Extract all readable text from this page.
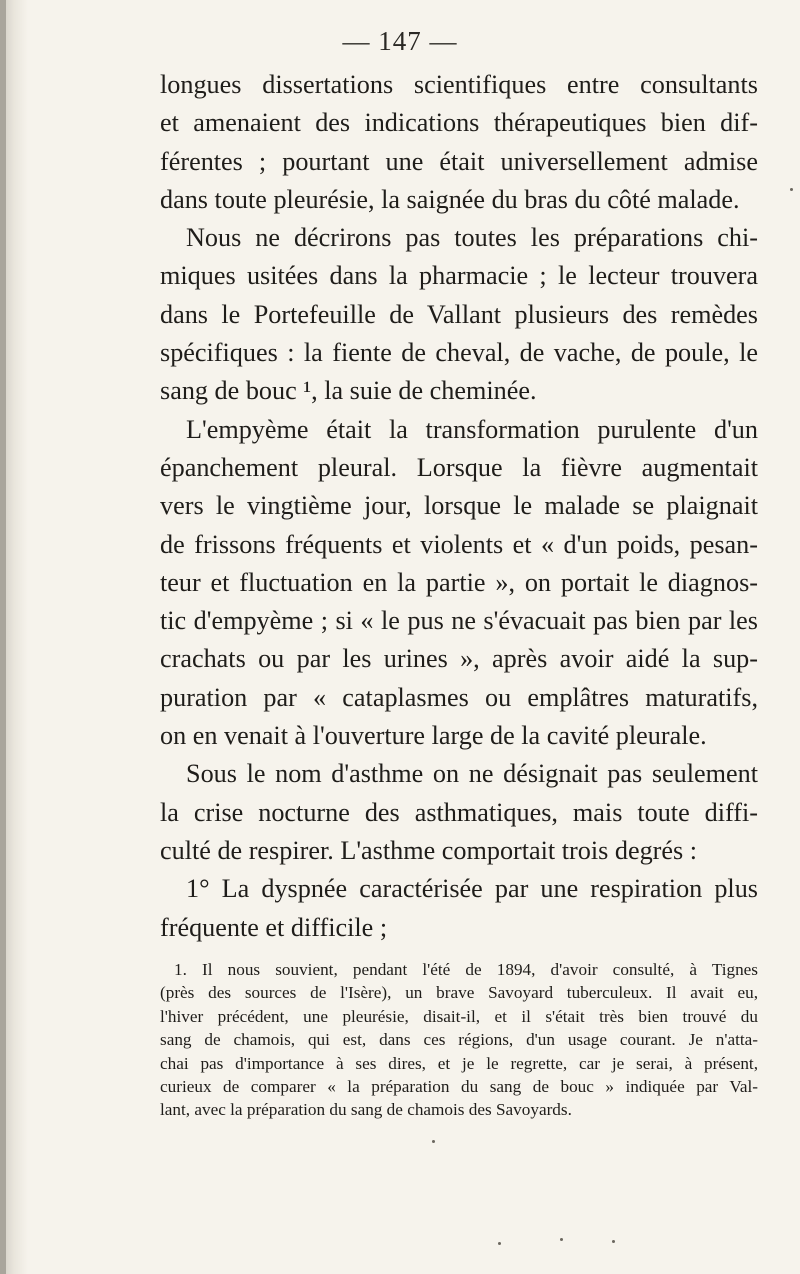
— 147 —
longues dissertations scientifiques entre consultants
et amenaient des indications thérapeutiques bien dif-
férentes ; pourtant une était universellement admise
dans toute pleurésie, la saignée du bras du côté malade.
Nous ne décrirons pas toutes les préparations chi-
miques usitées dans la pharmacie ; le lecteur trouvera
dans le Portefeuille de Vallant plusieurs des remèdes
spécifiques : la fiente de cheval, de vache, de poule, le
sang de bouc ¹, la suie de cheminée.
L'empyème était la transformation purulente d'un
épanchement pleural. Lorsque la fièvre augmentait
vers le vingtième jour, lorsque le malade se plaignait
de frissons fréquents et violents et « d'un poids, pesan-
teur et fluctuation en la partie », on portait le diagnos-
tic d'empyème ; si « le pus ne s'évacuait pas bien par les
crachats ou par les urines », après avoir aidé la sup-
puration par « cataplasmes ou emplâtres maturatifs,
on en venait à l'ouverture large de la cavité pleurale.
Sous le nom d'asthme on ne désignait pas seulement
la crise nocturne des asthmatiques, mais toute diffi-
culté de respirer. L'asthme comportait trois degrés :
1° La dyspnée caractérisée par une respiration plus
fréquente et difficile ;
1. Il nous souvient, pendant l'été de 1894, d'avoir consulté, à Tignes
(près des sources de l'Isère), un brave Savoyard tuberculeux. Il avait eu,
l'hiver précédent, une pleurésie, disait-il, et il s'était très bien trouvé du
sang de chamois, qui est, dans ces régions, d'un usage courant. Je n'atta-
chai pas d'importance à ses dires, et je le regrette, car je serai, à présent,
curieux de comparer « la préparation du sang de bouc » indiquée par Val-
lant, avec la préparation du sang de chamois des Savoyards.
